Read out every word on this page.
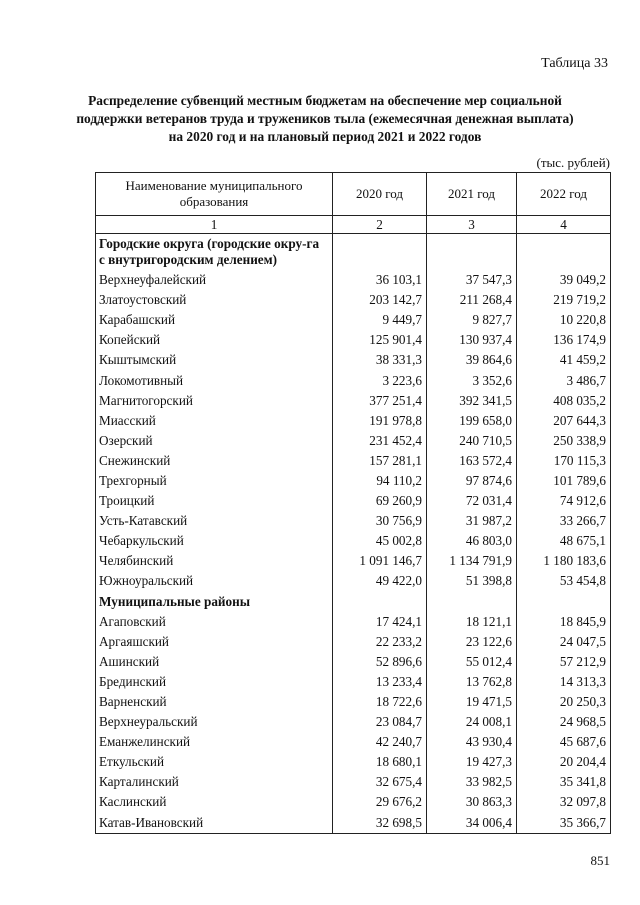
Таблица 33
Распределение субвенций местным бюджетам на обеспечение мер социальной
поддержки ветеранов труда и тружеников тыла (ежемесячная денежная выплата)
на 2020 год и на плановый период 2021 и 2022 годов
(тыс. рублей)
Наименование муниципального образования	2020 год	2021 год	2022 год
1	2	3	4
Городские округа (городские окру-га с внутригородским делением)			
Верхнеуфалейский	36 103,1	37 547,3	39 049,2
Златоустовский	203 142,7	211 268,4	219 719,2
Карабашский	9 449,7	9 827,7	10 220,8
Копейский	125 901,4	130 937,4	136 174,9
Кыштымский	38 331,3	39 864,6	41 459,2
Локомотивный	3 223,6	3 352,6	3 486,7
Магнитогорский	377 251,4	392 341,5	408 035,2
Миасский	191 978,8	199 658,0	207 644,3
Озерский	231 452,4	240 710,5	250 338,9
Снежинский	157 281,1	163 572,4	170 115,3
Трехгорный	94 110,2	97 874,6	101 789,6
Троицкий	69 260,9	72 031,4	74 912,6
Усть-Катавский	30 756,9	31 987,2	33 266,7
Чебаркульский	45 002,8	46 803,0	48 675,1
Челябинский	1 091 146,7	1 134 791,9	1 180 183,6
Южноуральский	49 422,0	51 398,8	53 454,8
Муниципальные районы			
Агаповский	17 424,1	18 121,1	18 845,9
Аргаяшский	22 233,2	23 122,6	24 047,5
Ашинский	52 896,6	55 012,4	57 212,9
Брединский	13 233,4	13 762,8	14 313,3
Варненский	18 722,6	19 471,5	20 250,3
Верхнеуральский	23 084,7	24 008,1	24 968,5
Еманжелинский	42 240,7	43 930,4	45 687,6
Еткульский	18 680,1	19 427,3	20 204,4
Карталинский	32 675,4	33 982,5	35 341,8
Каслинский	29 676,2	30 863,3	32 097,8
Катав-Ивановский	32 698,5	34 006,4	35 366,7
851
